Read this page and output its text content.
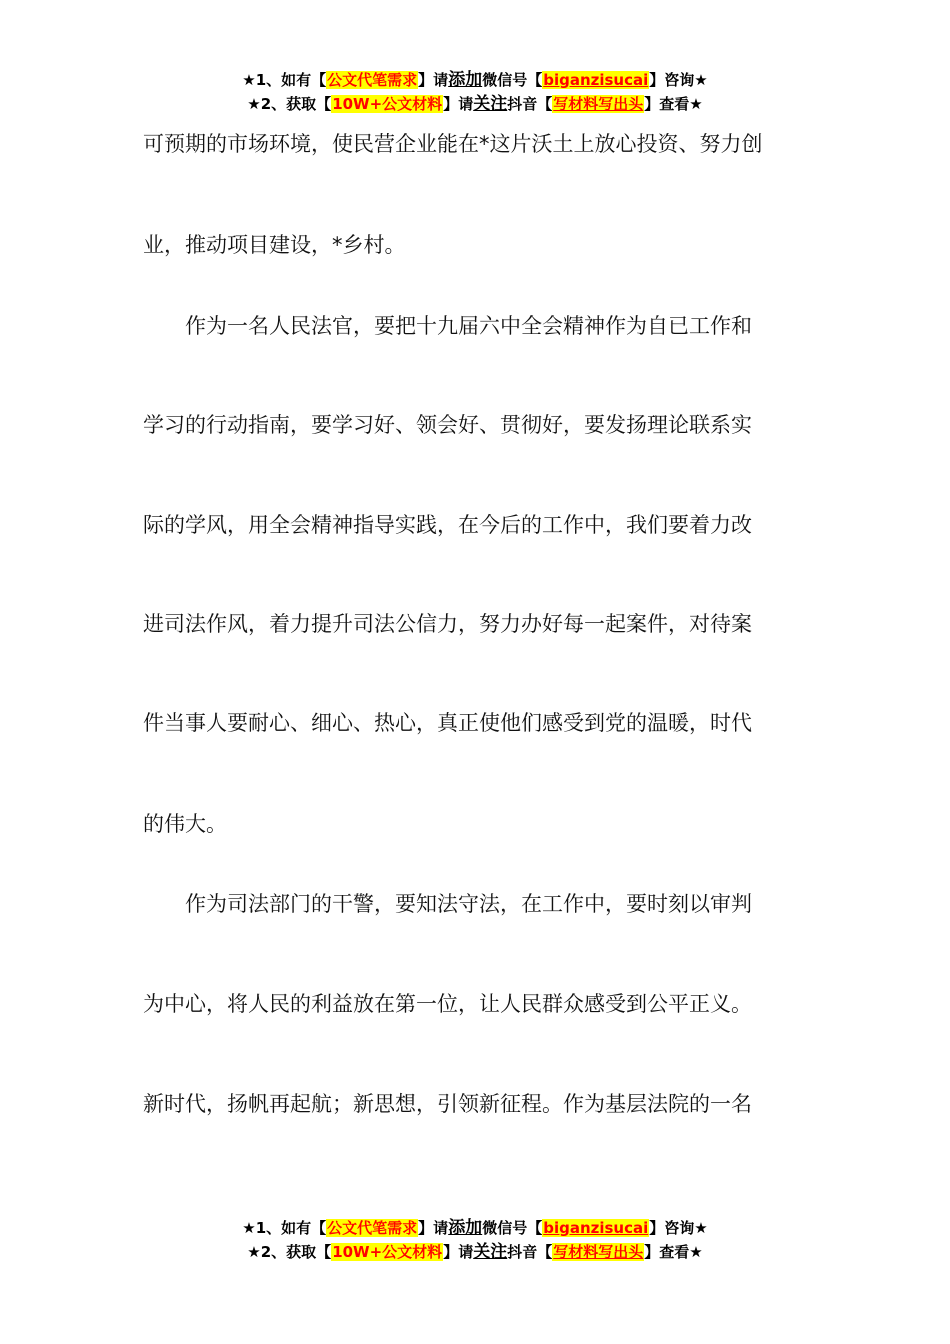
★1、如有【公文代笔需求】请添加微信号【biganzisucai】咨询★
★2、获取【10W+公文材料】请关注抖音【写材料写出头】查看★
可预期的市场环境，使民营企业能在*这片沃土上放心投资、努力创
业，推动项目建设，*乡村。
　　作为一名人民法官，要把十九届六中全会精神作为自已工作和
学习的行动指南，要学习好、领会好、贯彻好，要发扬理论联系实
际的学风，用全会精神指导实践，在今后的工作中，我们要着力改
进司法作风，着力提升司法公信力，努力办好每一起案件，对待案
件当事人要耐心、细心、热心，真正使他们感受到党的温暖，时代
的伟大。
　　作为司法部门的干警，要知法守法，在工作中，要时刻以审判
为中心，将人民的利益放在第一位，让人民群众感受到公平正义。
新时代，扬帆再起航；新思想，引领新征程。作为基层法院的一名
★1、如有【公文代笔需求】请添加微信号【biganzisucai】咨询★
★2、获取【10W+公文材料】请关注抖音【写材料写出头】查看★
